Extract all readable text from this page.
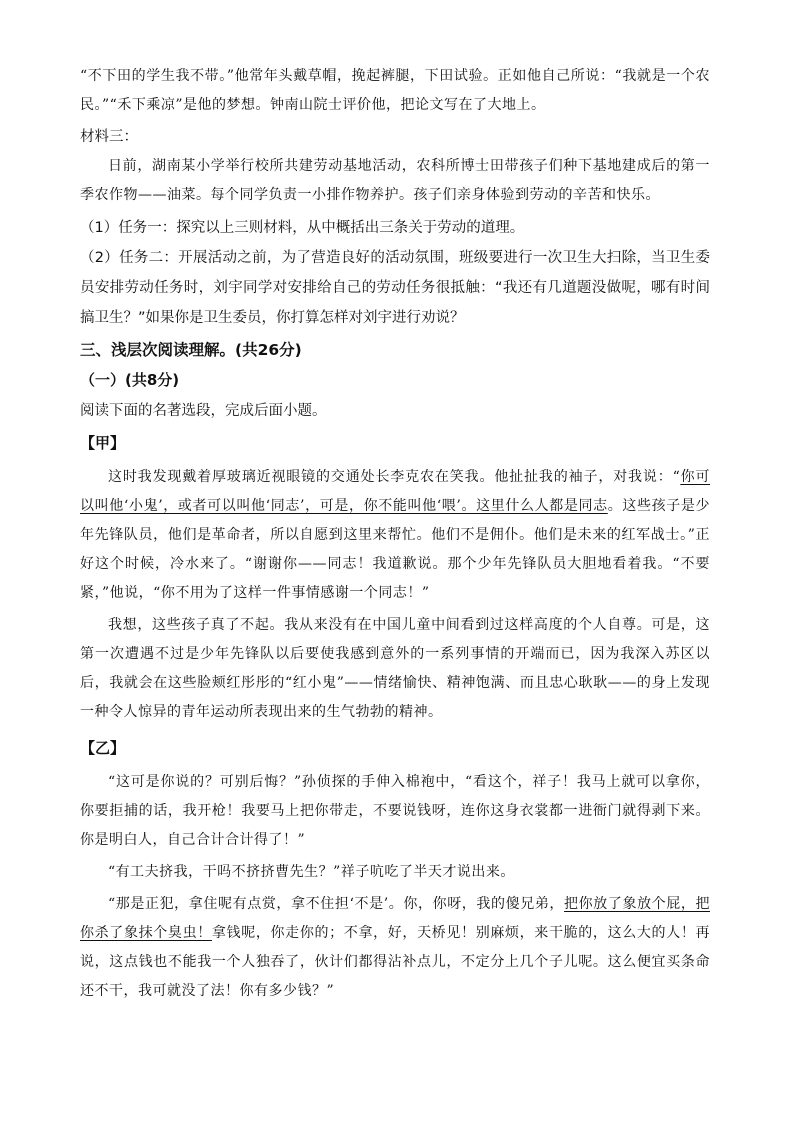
“不下田的学生我不带。”他常年头戴草帽，挽起裤腿，下田试验。正如他自己所说：“我就是一个农民。”“禾下乘凉”是他的梦想。钟南山院士评价他，把论文写在了大地上。

材料三：

日前，湖南某小学举行校所共建劳动基地活动，农科所博士田带孩子们种下基地建成后的第一季农作物——油菜。每个同学负责一小排作物养护。孩子们亲身体验到劳动的辛苦和快乐。

（1）任务一：探究以上三则材料，从中概括出三条关于劳动的道理。

（2）任务二：开展活动之前，为了营造良好的活动氛围，班级要进行一次卫生大扫除，当卫生委员安排劳动任务时，刘宇同学对安排给自己的劳动任务很抵触：“我还有几道题没做呢，哪有时间搞卫生？”如果你是卫生委员，你打算怎样对刘宇进行劝说？

三、浅层次阅读理解。(共26分)

（一）(共8分)

阅读下面的名著选段，完成后面小题。

【甲】

这时我发现戴着厚玻璃近视眼镜的交通处长李克农在笑我。他扯扯我的袖子，对我说：“你可以叫他‘小鬼’，或者可以叫他‘同志’，可是，你不能叫他‘喂’。这里什么人都是同志。这些孩子是少年先锋队员，他们是革命者，所以自愿到这里来帮忙。他们不是佣仆。他们是未来的红军战士。”正好这个时候，冷水来了。“谢谢你——同志！我道歉说。那个少年先锋队员大胆地看着我。“不要紧，”他说，“你不用为了这样一件事情感谢一个同志！”

我想，这些孩子真了不起。我从来没有在中国儿童中间看到过这样高度的个人自尊。可是，这第一次遭遇不过是少年先锋队以后要使我感到意外的一系列事情的开端而已，因为我深入苏区以后，我就会在这些脸颊红彤彤的“红小鬼”——情绪愉快、精神饱满、而且忠心耿耿——的身上发现一种令人惊异的青年运动所表现出来的生气勃勃的精神。

【乙】

“这可是你说的？可别后悔？”孙侦探的手伸入棉袍中，“看这个，祥子！我马上就可以拿你，你要拒捕的话，我开枪！我要马上把你带走，不要说钱呀，连你这身衣裳都一进衙门就得剥下来。你是明白人，自己合计合计得了！”

“有工夫挤我，干吗不挤挤曹先生？”祥子吭吃了半天才说出来。

“那是正犯，拿住呢有点赏，拿不住担‘不是’。你，你呀，我的傻兄弟，把你放了象放个屁，把你杀了象抹个臭虫！拿钱呢，你走你的；不拿，好，天桥见！别麻烦，来干脆的，这么大的人！再说，这点钱也不能我一个人独吞了，伙计们都得沾补点儿，不定分上几个子儿呢。这么便宜买条命还不干，我可就没了法！你有多少钱？”
